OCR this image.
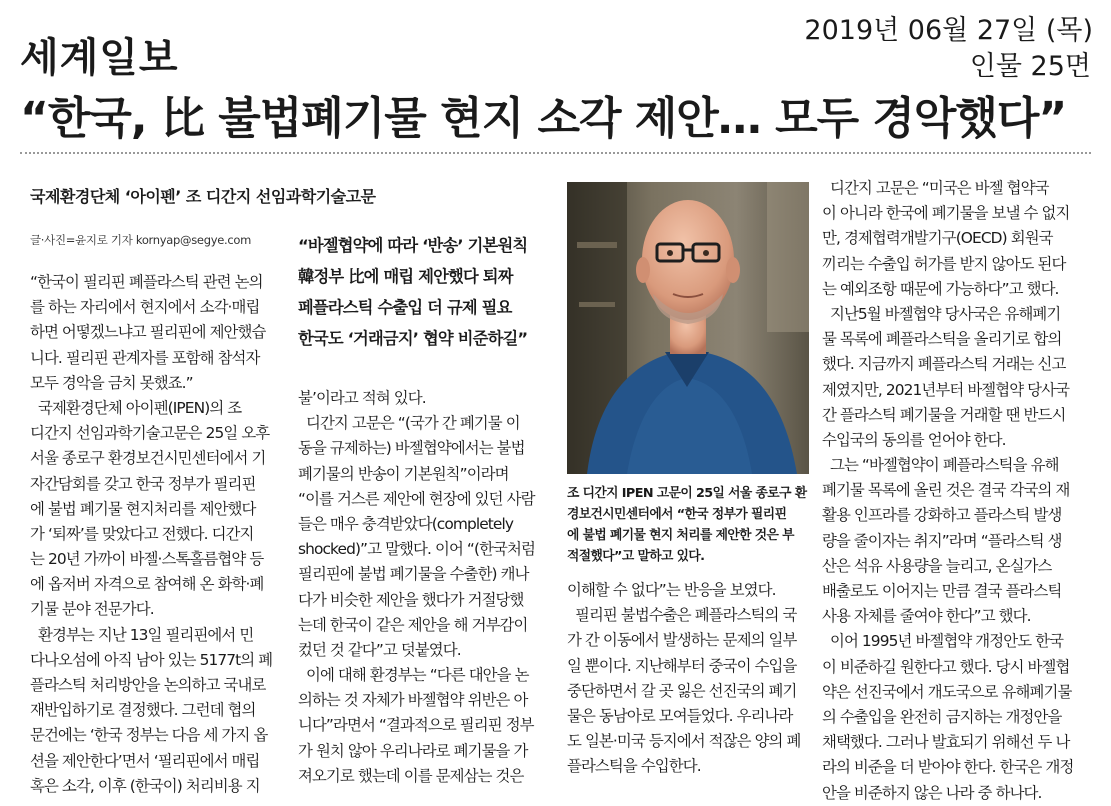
세계일보
2019년 06월 27일 (목)
인물 25면
“한국, 比 불법폐기물 현지 소각 제안… 모두 경악했다”
국제환경단체 ‘아이펜’ 조 디간지 선임과학기술고문
글·사진=윤지로 기자 kornyap@segye.com
“한국이 필리핀 폐플라스틱 관련 논의
를 하는 자리에서 현지에서 소각·매립
하면 어떻겠느냐고 필리핀에 제안했습
니다. 필리핀 관계자를 포함해 참석자
모두 경악을 금치 못했죠.”
국제환경단체 아이펜(IPEN)의 조
디간지 선임과학기술고문은 25일 오후
서울 종로구 환경보건시민센터에서 기
자간담회를 갖고 한국 정부가 필리핀
에 불법 폐기물 현지처리를 제안했다
가 ‘퇴짜’를 맞았다고 전했다. 디간지
는 20년 가까이 바젤·스톡홀름협약 등
에 옵저버 자격으로 참여해 온 화학·폐
기물 분야 전문가다.
환경부는 지난 13일 필리핀에서 민
다나오섬에 아직 남아 있는 5177t의 폐
플라스틱 처리방안을 논의하고 국내로
재반입하기로 결정했다. 그런데 협의
문건에는 ‘한국 정부는 다음 세 가지 옵
션을 제안한다’면서 ‘필리핀에서 매립
혹은 소각, 이후 (한국이) 처리비용 지
“바젤협약에 따라 ‘반송’ 기본원칙
韓정부 比에 매립 제안했다 퇴짜
페플라스틱 수출입 더 규제 필요
한국도 ‘거래금지’ 협약 비준하길”
불’이라고 적혀 있다.
디간지 고문은 “(국가 간 폐기물 이
동을 규제하는) 바젤협약에서는 불법
폐기물의 반송이 기본원칙”이라며
“이를 거스른 제안에 현장에 있던 사람
들은 매우 충격받았다(completely
shocked)”고 말했다. 이어 “(한국처럼
필리핀에 불법 폐기물을 수출한) 캐나
다가 비슷한 제안을 했다가 거절당했
는데 한국이 같은 제안을 해 거부감이
컸던 것 같다”고 덧붙였다.
이에 대해 환경부는 “다른 대안을 논
의하는 것 자체가 바젤협약 위반은 아
니다”라면서 “결과적으로 필리핀 정부
가 원치 않아 우리나라로 폐기물을 가
져오기로 했는데 이를 문제삼는 것은
조 디간지 IPEN 고문이 25일 서울 종로구 환
경보건시민센터에서 “한국 정부가 필리핀
에 불법 폐기물 현지 처리를 제안한 것은 부
적절했다”고 말하고 있다.
이해할 수 없다”는 반응을 보였다.
필리핀 불법수출은 폐플라스틱의 국
가 간 이동에서 발생하는 문제의 일부
일 뿐이다. 지난해부터 중국이 수입을
중단하면서 갈 곳 잃은 선진국의 폐기
물은 동남아로 모여들었다. 우리나라
도 일본·미국 등지에서 적잖은 양의 폐
플라스틱을 수입한다.
디간지 고문은 “미국은 바젤 협약국
이 아니라 한국에 폐기물을 보낼 수 없지
만, 경제협력개발기구(OECD) 회원국
끼리는 수출입 허가를 받지 않아도 된다
는 예외조항 때문에 가능하다”고 했다.
지난5월 바젤협약 당사국은 유해폐기
물 목록에 폐플라스틱을 올리기로 합의
했다. 지금까지 폐플라스틱 거래는 신고
제였지만, 2021년부터 바젤협약 당사국
간 플라스틱 폐기물을 거래할 땐 반드시
수입국의 동의를 얻어야 한다.
그는 “바젤협약이 폐플라스틱을 유해
폐기물 목록에 올린 것은 결국 각국의 재
활용 인프라를 강화하고 플라스틱 발생
량을 줄이자는 취지”라며 “플라스틱 생
산은 석유 사용량을 늘리고, 온실가스
배출로도 이어지는 만큼 결국 플라스틱
사용 자체를 줄여야 한다”고 했다.
이어 1995년 바젤협약 개정안도 한국
이 비준하길 원한다고 했다. 당시 바젤협
약은 선진국에서 개도국으로 유해폐기물
의 수출입을 완전히 금지하는 개정안을
채택했다. 그러나 발효되기 위해선 두 나
라의 비준을 더 받아야 한다. 한국은 개정
안을 비준하지 않은 나라 중 하나다.
